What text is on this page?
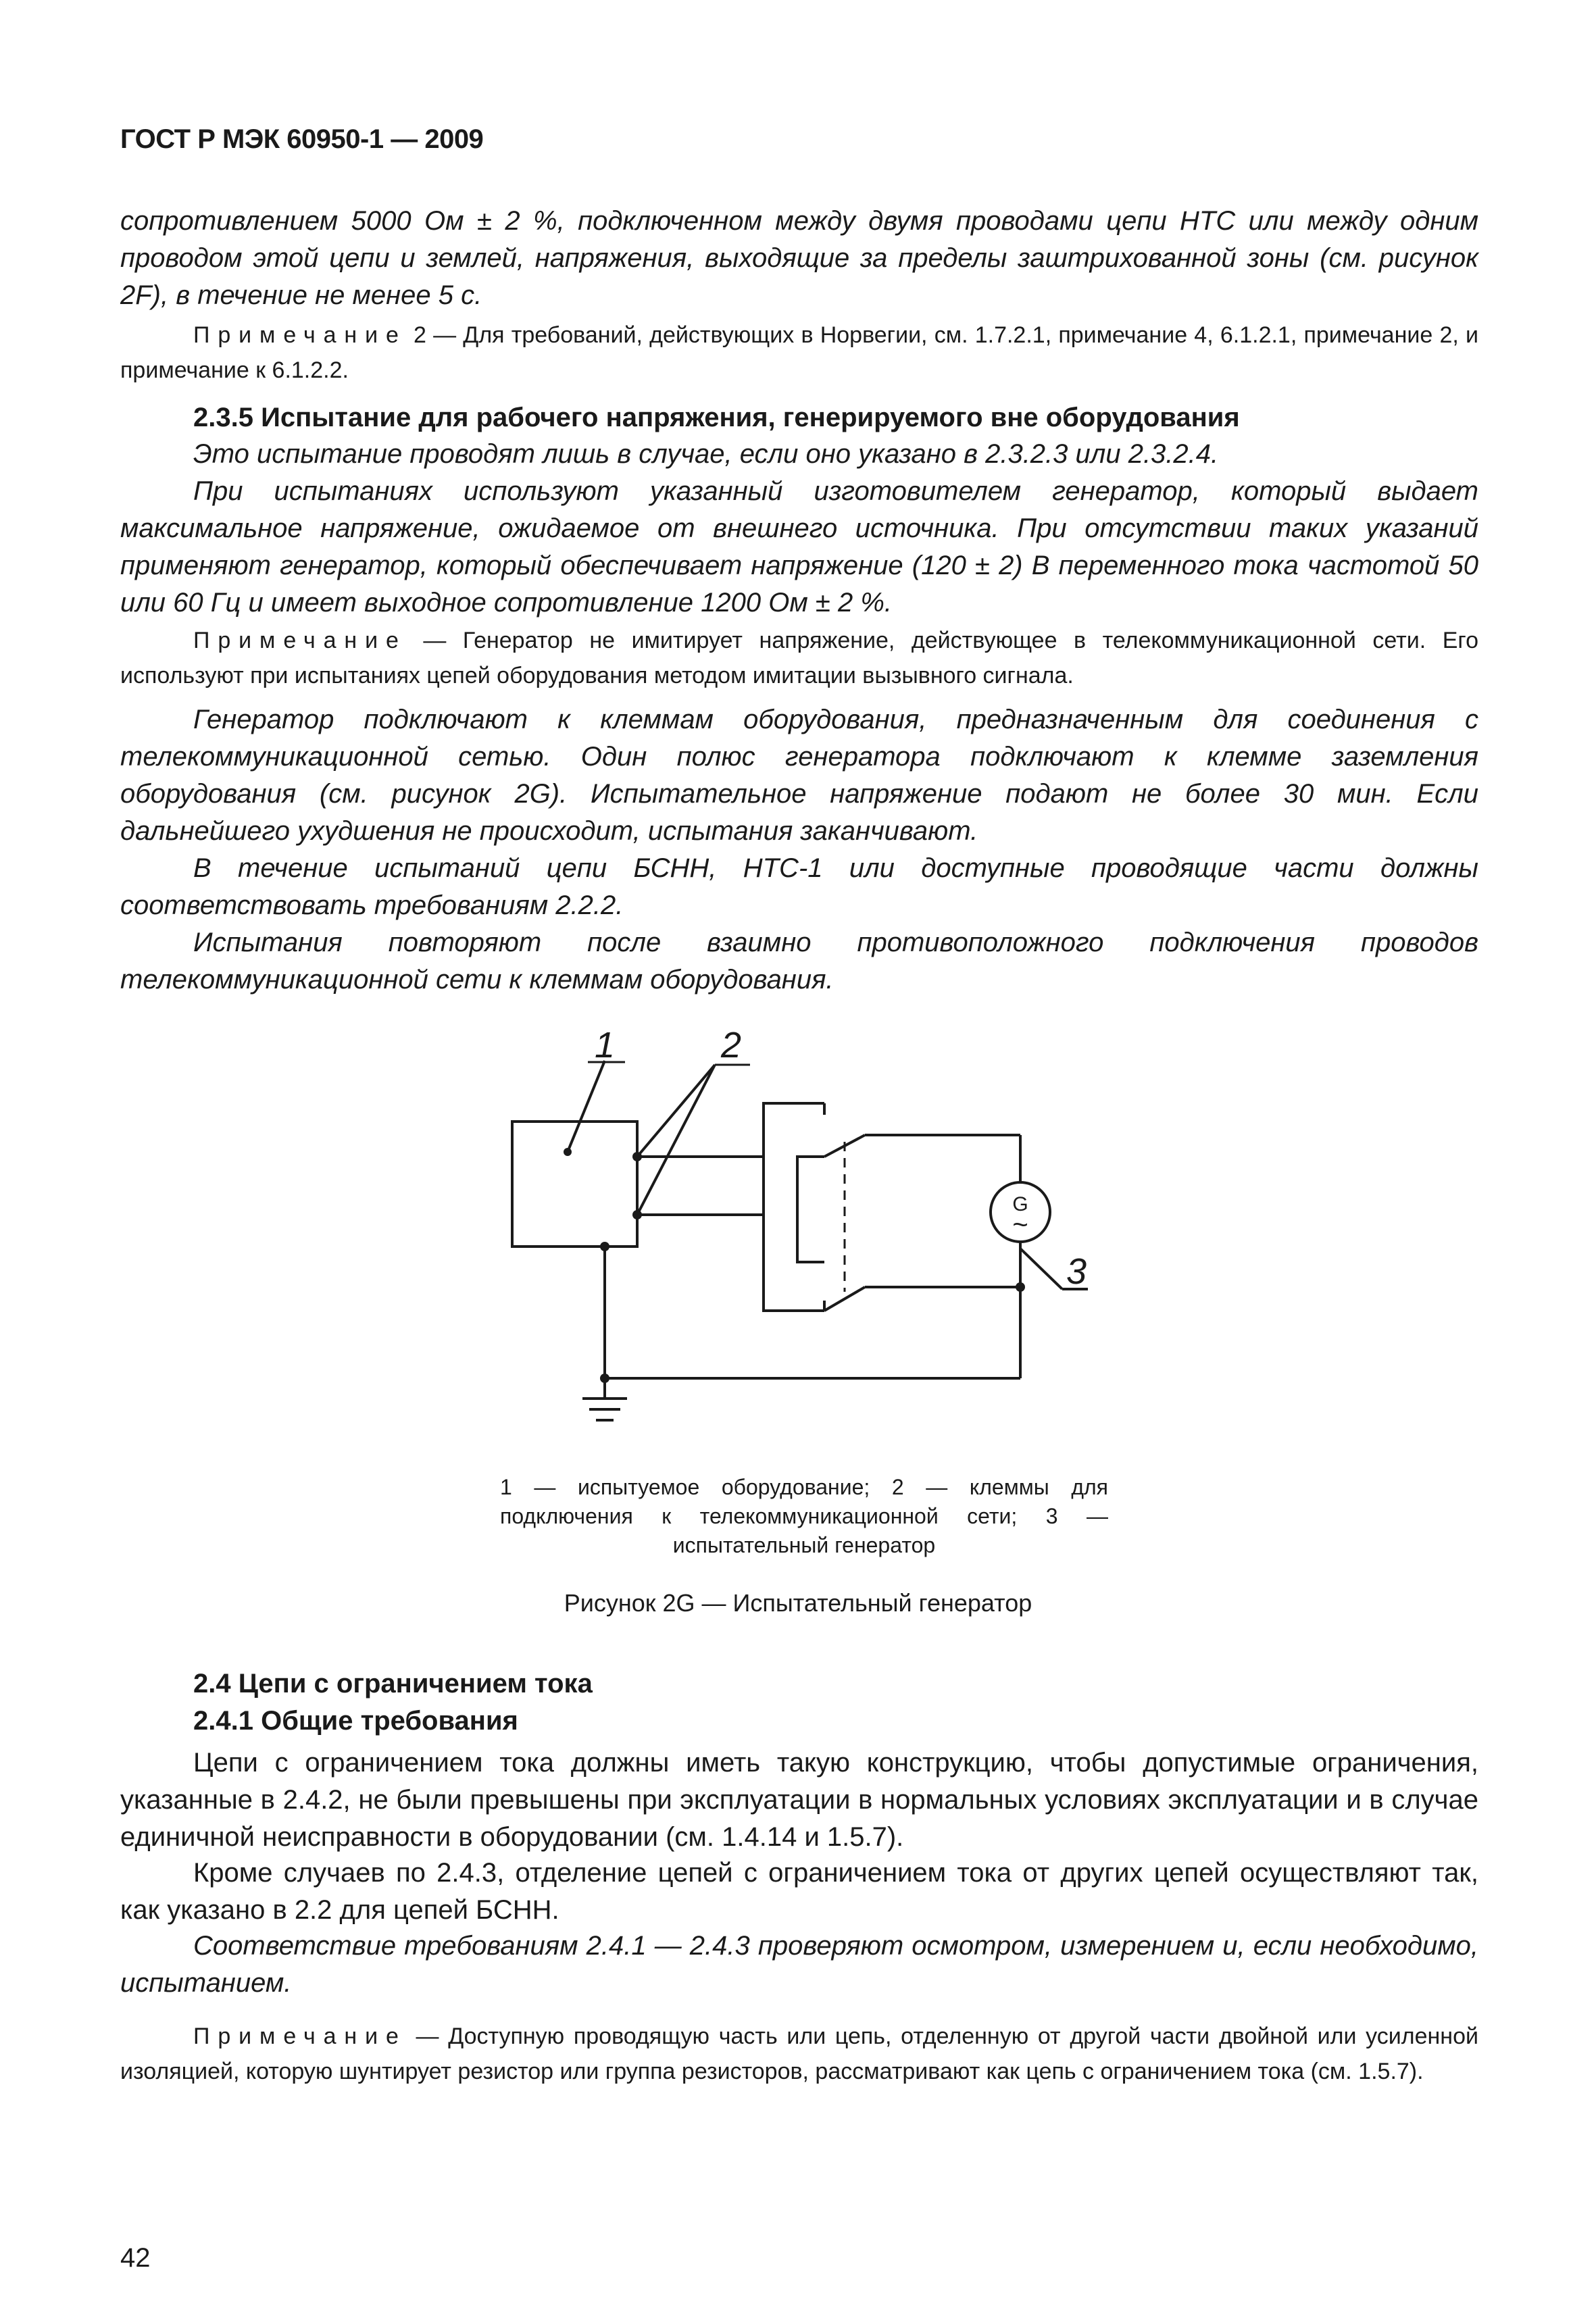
ГОСТ Р МЭК 60950-1 — 2009

сопротивлением 5000 Ом ± 2 %, подключенном между двумя проводами цепи НТС или между одним проводом этой цепи и землей, напряжения, выходящие за пределы заштрихованной зоны (см. рисунок 2F), в течение не менее 5 с.

Примечание 2 — Для требований, действующих в Норвегии, см. 1.7.2.1, примечание 4, 6.1.2.1, примечание 2, и примечание к 6.1.2.2.

2.3.5 Испытание для рабочего напряжения, генерируемого вне оборудования

Это испытание проводят лишь в случае, если оно указано в 2.3.2.3 или 2.3.2.4.

При испытаниях используют указанный изготовителем генератор, который выдает максимальное напряжение, ожидаемое от внешнего источника. При отсутствии таких указаний применяют генератор, который обеспечивает напряжение (120 ± 2) В переменного тока частотой 50 или 60 Гц и имеет выходное сопротивление 1200 Ом ± 2 %.

Примечание — Генератор не имитирует напряжение, действующее в телекоммуникационной сети. Его используют при испытаниях цепей оборудования методом имитации вызывного сигнала.

Генератор подключают к клеммам оборудования, предназначенным для соединения с телекоммуникационной сетью. Один полюс генератора подключают к клемме заземления оборудования (см. рисунок 2G). Испытательное напряжение подают не более 30 мин. Если дальнейшего ухудшения не происходит, испытания заканчивают.

В течение испытаний цепи БСНН, НТС-1 или доступные проводящие части должны соответствовать требованиям 2.2.2.

Испытания повторяют после взаимно противоположного подключения проводов телекоммуникационной сети к клеммам оборудования.

1	2
3
G
~
1 — испытуемое оборудование; 2 — клеммы для подключения к телекоммуникационной сети; 3 — испытательный генератор
Рисунок 2G — Испытательный генератор
2.4 Цепи с ограничением тока
2.4.1 Общие требования

Цепи с ограничением тока должны иметь такую конструкцию, чтобы допустимые ограничения, указанные в 2.4.2, не были превышены при эксплуатации в нормальных условиях эксплуатации и в случае единичной неисправности в оборудовании (см. 1.4.14 и 1.5.7).

Кроме случаев по 2.4.3, отделение цепей с ограничением тока от других цепей осуществляют так, как указано в 2.2 для цепей БСНН.

Соответствие требованиям 2.4.1 — 2.4.3 проверяют осмотром, измерением и, если необходимо, испытанием.

Примечание — Доступную проводящую часть или цепь, отделенную от другой части двойной или усиленной изоляцией, которую шунтирует резистор или группа резисторов, рассматривают как цепь с ограничением тока (см. 1.5.7).

42
